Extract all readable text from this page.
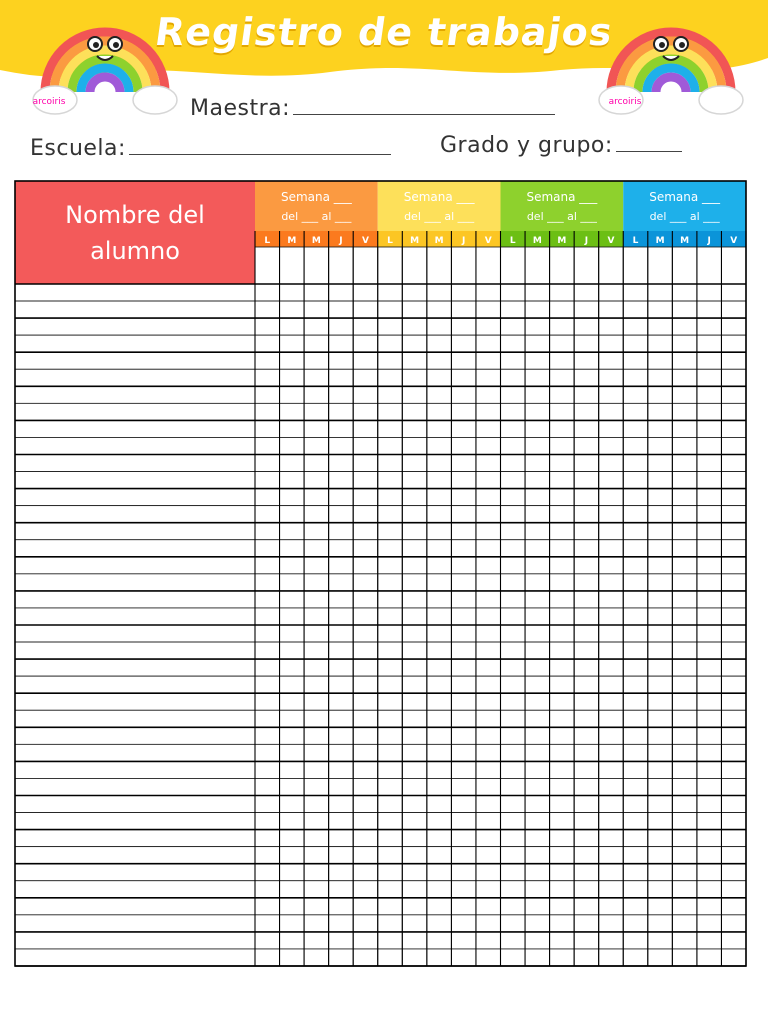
Registro de trabajos
arcoiris	arcoiris
Maestra:
Escuela:	Grado y grupo:
Nombre del
alumno
Semana ___
del ___ al ___
L M M J V
Semana ___
del ___ al ___
L M M J V
Semana ___
del ___ al ___
L M M J V
Semana ___
del ___ al ___
L M M J V
